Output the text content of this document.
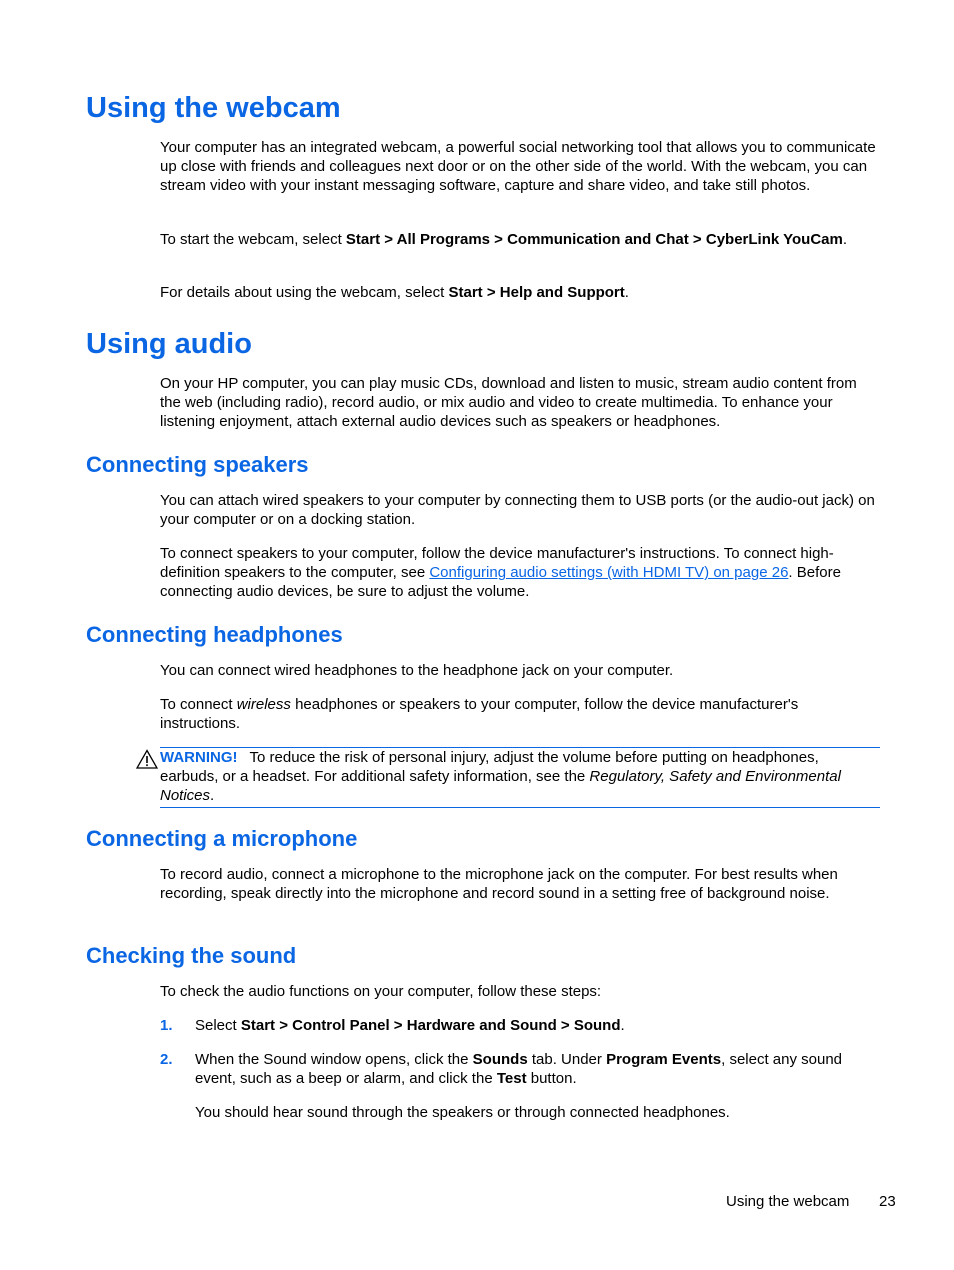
Using the webcam
Your computer has an integrated webcam, a powerful social networking tool that allows you to communicate up close with friends and colleagues next door or on the other side of the world. With the webcam, you can stream video with your instant messaging software, capture and share video, and take still photos.
To start the webcam, select Start > All Programs > Communication and Chat > CyberLink YouCam.
For details about using the webcam, select Start > Help and Support.
Using audio
On your HP computer, you can play music CDs, download and listen to music, stream audio content from the web (including radio), record audio, or mix audio and video to create multimedia. To enhance your listening enjoyment, attach external audio devices such as speakers or headphones.
Connecting speakers
You can attach wired speakers to your computer by connecting them to USB ports (or the audio-out jack) on your computer or on a docking station.
To connect speakers to your computer, follow the device manufacturer's instructions. To connect high-definition speakers to the computer, see Configuring audio settings (with HDMI TV) on page 26. Before connecting audio devices, be sure to adjust the volume.
Connecting headphones
You can connect wired headphones to the headphone jack on your computer.
To connect wireless headphones or speakers to your computer, follow the device manufacturer's instructions.
WARNING! To reduce the risk of personal injury, adjust the volume before putting on headphones, earbuds, or a headset. For additional safety information, see the Regulatory, Safety and Environmental Notices.
Connecting a microphone
To record audio, connect a microphone to the microphone jack on the computer. For best results when recording, speak directly into the microphone and record sound in a setting free of background noise.
Checking the sound
To check the audio functions on your computer, follow these steps:
1. Select Start > Control Panel > Hardware and Sound > Sound.
2. When the Sound window opens, click the Sounds tab. Under Program Events, select any sound event, such as a beep or alarm, and click the Test button.
You should hear sound through the speakers or through connected headphones.
Using the webcam 23
